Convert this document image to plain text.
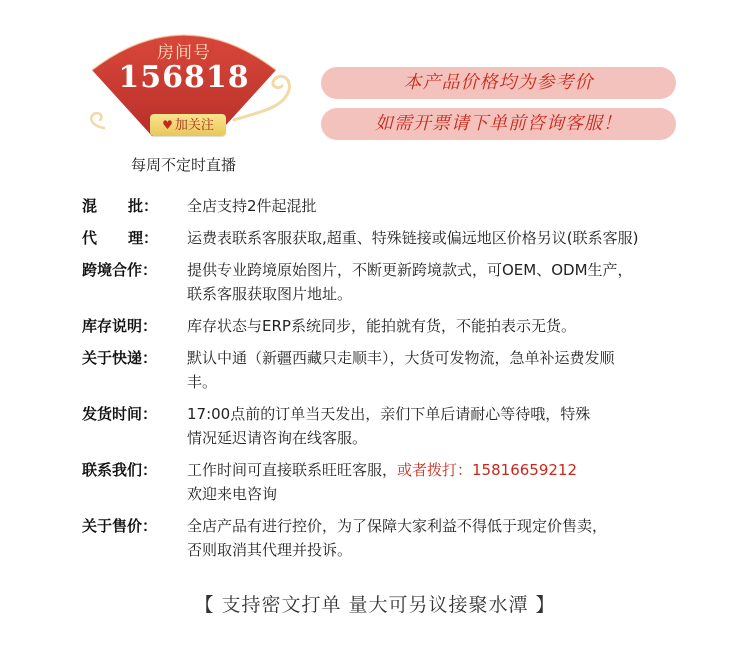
房间号
156818
♥ 加关注
每周不定时直播
本产品价格均为参考价
如需开票请下单前咨询客服！
混 批： 全店支持2件起混批
代 理： 运费表联系客服获取,超重、特殊链接或偏远地区价格另议(联系客服)
跨境合作：	提供专业跨境原始图片，不断更新跨境款式，可OEM、ODM生产，
联系客服获取图片地址。
库存说明：	库存状态与ERP系统同步，能拍就有货，不能拍表示无货。
关于快递：	默认中通（新疆西藏只走顺丰），大货可发物流，急单补运费发顺
丰。
发货时间：	17:00点前的订单当天发出，亲们下单后请耐心等待哦，特殊
情况延迟请咨询在线客服。
联系我们：	工作时间可直接联系旺旺客服，或者拨打：15816659212
欢迎来电咨询
关于售价：	全店产品有进行控价，为了保障大家利益不得低于现定价售卖，
否则取消其代理并投诉。
【 支持密文打单 量大可另议接聚水潭 】
